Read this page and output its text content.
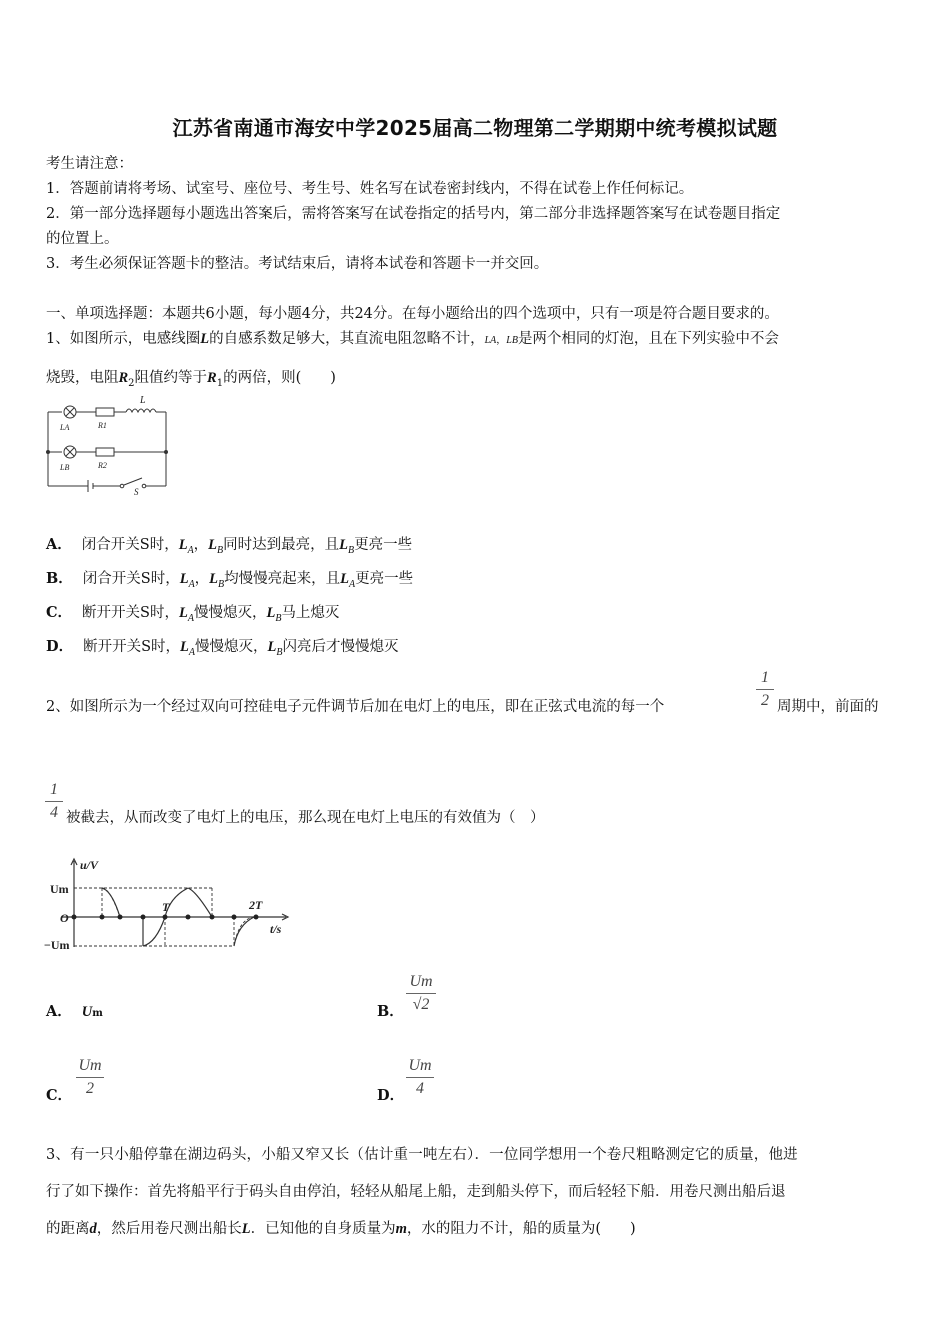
江苏省南通市海安中学2025届高二物理第二学期期中统考模拟试题
考生请注意：
1．答题前请将考场、试室号、座位号、考生号、姓名写在试卷密封线内，不得在试卷上作任何标记。
2．第一部分选择题每小题选出答案后，需将答案写在试卷指定的括号内，第二部分非选择题答案写在试卷题目指定
的位置上。
3．考生必须保证答题卡的整洁。考试结束后，请将本试卷和答题卡一并交回。
一、单项选择题：本题共6小题，每小题4分，共24分。在每小题给出的四个选项中，只有一项是符合题目要求的。
1、如图所示，电感线圈L的自感系数足够大，其直流电阻忽略不计，LA，LB是两个相同的灯泡，且在下列实验中不会
烧毁，电阻$R_2$阻值约等于$R_1$的两倍，则(　　)
L
LA	R1
LB	R2
S
A． 闭合开关S时，$L_A$，$L_B$同时达到最亮，且$L_B$更亮一些
B． 闭合开关S时，$L_A$，$L_B$均慢慢亮起来，且$L_A$更亮一些
C． 断开开关S时，$L_A$慢慢熄灭，$L_B$马上熄灭
D． 断开开关S时，$L_A$慢慢熄灭，$L_B$闪亮后才慢慢熄灭
2、如图所示为一个经过双向可控硅电子元件调节后加在电灯上的电压，即在正弦式电流的每一个
1
2 周期中，前面的
1
4 被截去，从而改变了电灯上的电压，那么现在电灯上电压的有效值为（　）
u/V
t/s
Um
O
−Um
T	2T
A． Um	B．
Um
√2
C．
Um
2	D．
Um
4
3、有一只小船停靠在湖边码头，小船又窄又长（估计重一吨左右）．一位同学想用一个卷尺粗略测定它的质量，他进
行了如下操作：首先将船平行于码头自由停泊，轻轻从船尾上船，走到船头停下，而后轻轻下船．用卷尺测出船后退
的距离d，然后用卷尺测出船长L．已知他的自身质量为m，水的阻力不计，船的质量为(　　)
